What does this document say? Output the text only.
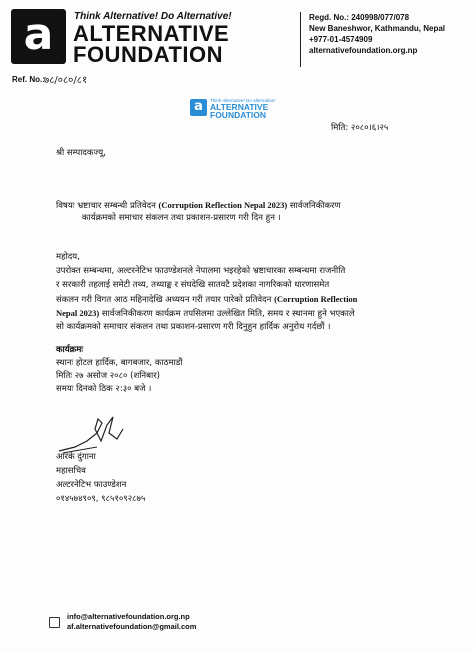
a	Think Alternative! Do Alternative!
ALTERNATIVE
FOUNDATION
Regd. No.: 240998/077/078
New Baneshwor, Kathmandu, Nepal
+977-01-4574909
alternativefoundation.org.np
Ref. No.: ७८/०८०/८१
a	Think Alternative! Do Alternative!
ALTERNATIVE
FOUNDATION
मिति: २०८०।६।२५
श्री सम्पादकज्यू,
विषयः भ्रष्टाचार सम्बन्धी प्रतिवेदन (Corruption Reflection Nepal 2023) सार्वजनिकीकरण
कार्यक्रमको समाचार संकलन तथा प्रकाशन-प्रसारण गरी दिन हुन ।
महोदय,
उपरोक्त सम्बन्धमा, अल्टरनेटिभ फाउण्डेशनले नेपालमा भइरहेको भ्रष्टाचारका सम्बन्धमा राजनीति
र सरकारी तहलाई समेटी तथ्य, तथ्याङ्क र संघदेखि सातवटै प्रदेशका नागरिकको धारणासमेत
संकलन गरी विगत आठ महिनादेखि अध्ययन गरी तयार पारेको प्रतिवेदन (Corruption Reflection
Nepal 2023) सार्वजनिकीकरण कार्यक्रम तपसिलमा उल्लेखित मिति, समय र स्थानमा हुने भएकाले
सो कार्यक्रमको समाचार संकलन तथा प्रकाशन-प्रसारण गरी दिनुहुन हार्दिक अनुरोध गर्दछौं ।
कार्यक्रमः
स्थानः होटल हार्दिक, बागबजार, काठमाडौं
मितिः २७ असोज २०८० (शनिबार)
समयः दिनको ठिक २:३० बजे ।
आरके दुंगाना
महासचिव
अल्टरनेटिभ फाउण्डेशन
०१४५७४९०९, ९८५१०९२८७५
info@alternativefoundation.org.np
af.alternativefoundation@gmail.com
